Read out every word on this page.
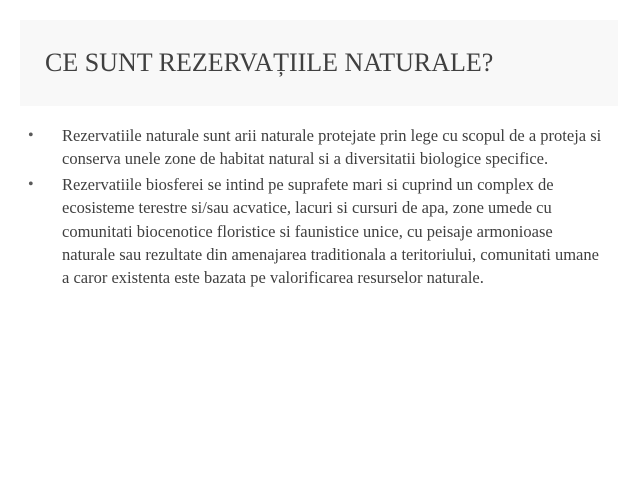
CE SUNT REZERVAȚIILE NATURALE?
• Rezervatiile naturale sunt arii naturale protejate prin lege cu scopul de a proteja si conserva unele zone de habitat natural si a diversitatii biologice specifice.
• Rezervatiile biosferei se intind pe suprafete mari si cuprind un complex de ecosisteme terestre si/sau acvatice, lacuri si cursuri de apa, zone umede cu comunitati biocenotice floristice si faunistice unice, cu peisaje armonioase naturale sau rezultate din amenajarea traditionala a teritoriului, comunitati umane a caror existenta este bazata pe valorificarea resurselor naturale.
